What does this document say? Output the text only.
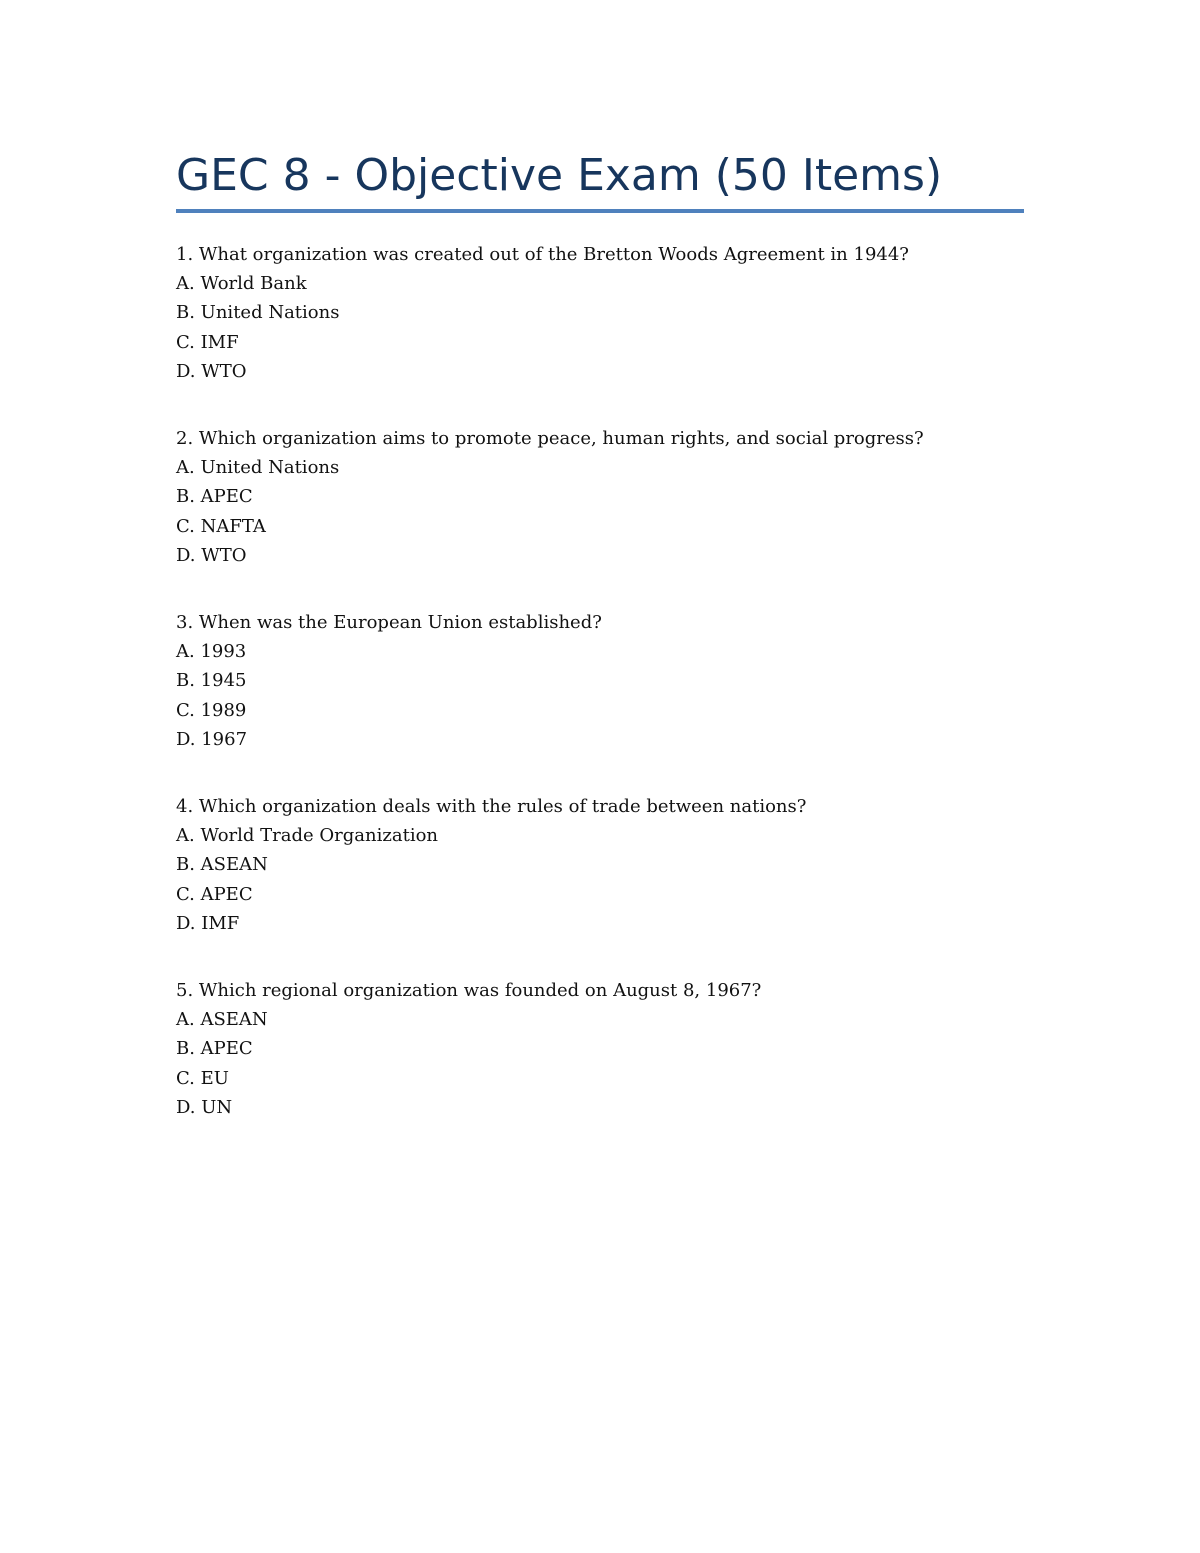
GEC 8 - Objective Exam (50 Items)
1. What organization was created out of the Bretton Woods Agreement in 1944?
A. World Bank
B. United Nations
C. IMF
D. WTO
2. Which organization aims to promote peace, human rights, and social progress?
A. United Nations
B. APEC
C. NAFTA
D. WTO
3. When was the European Union established?
A. 1993
B. 1945
C. 1989
D. 1967
4. Which organization deals with the rules of trade between nations?
A. World Trade Organization
B. ASEAN
C. APEC
D. IMF
5. Which regional organization was founded on August 8, 1967?
A. ASEAN
B. APEC
C. EU
D. UN
